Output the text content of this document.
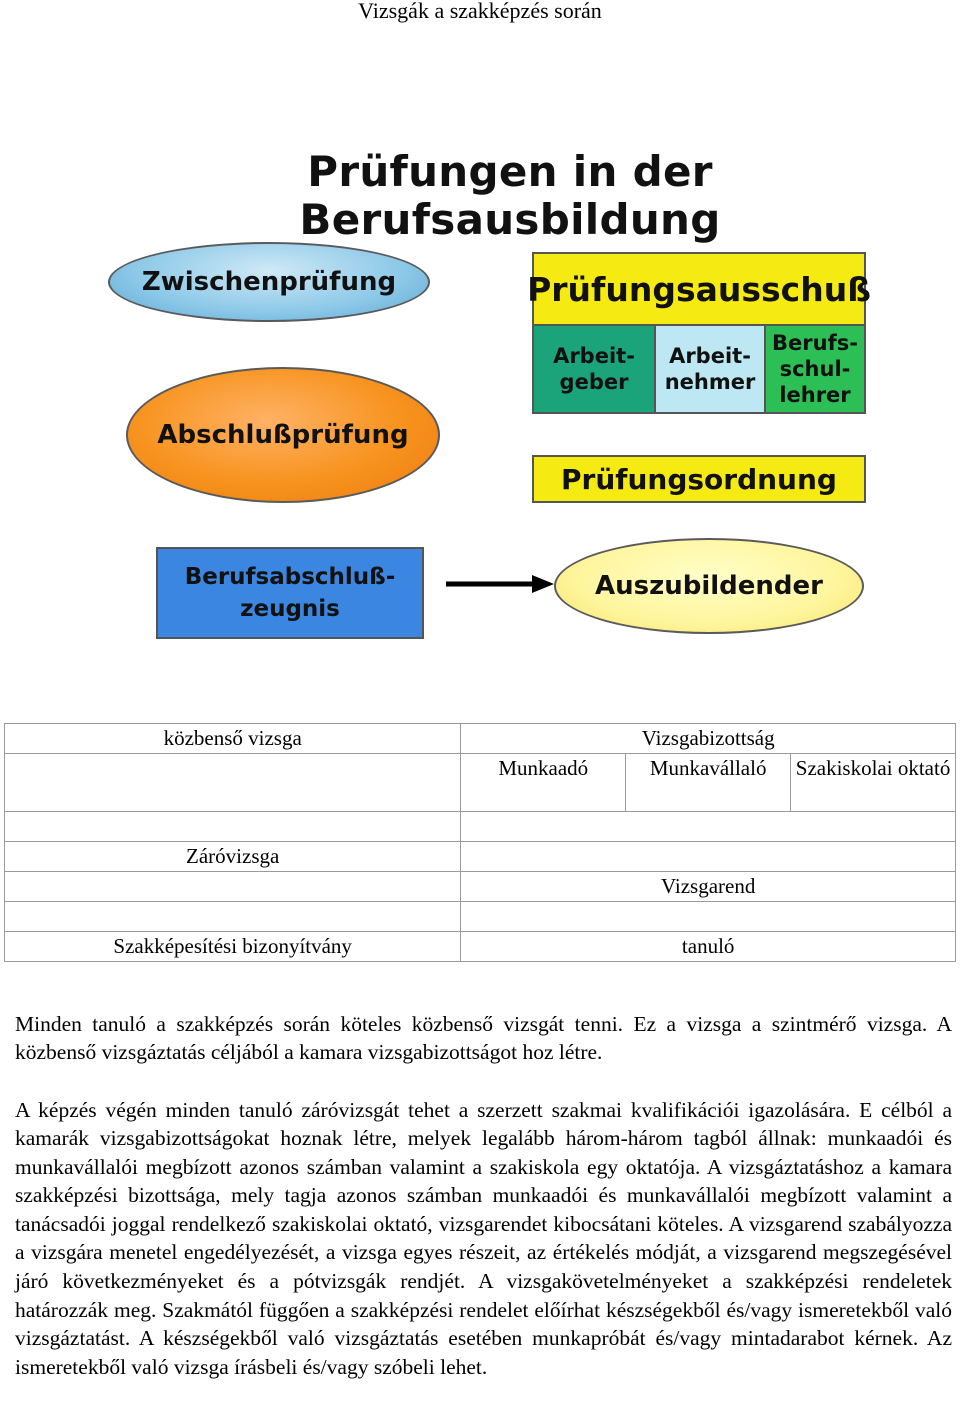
Vizsgák a szakképzés során
Prüfungen in der Berufsausbildung
Zwischenprüfung
Abschlußprüfung
Prüfungsausschuß
Arbeit-
geber
Arbeit-
nehmer
Berufs-
schul-
lehrer
Prüfungsordnung
Berufsabschluß-
zeugnis
Auszubildender
közbenső vizsga	Vizsgabizottság		
	Munkaadó	Munkavállaló	Szakiskolai oktató

Záróvizsga			
	Vizsgarend		

Szakképesítési bizonyítvány	tanuló		

Minden tanuló a szakképzés során köteles közbenső vizsgát tenni. Ez a vizsga a szintmérő vizsga. A közbenső vizsgáztatás céljából a kamara vizsgabizottságot hoz létre.

A képzés végén minden tanuló záróvizsgát tehet a szerzett szakmai kvalifikációi igazolására. E célból a kamarák vizsgabizottságokat hoznak létre, melyek legalább három-három tagból állnak: munkaadói és munkavállalói megbízott azonos számban valamint a szakiskola egy oktatója. A vizsgáztatáshoz a kamara szakképzési bizottsága, mely tagja azonos számban munkaadói és munkavállalói megbízott valamint a tanácsadói joggal rendelkező szakiskolai oktató, vizsgarendet kibocsátani köteles. A vizsgarend szabályozza a vizsgára menetel engedélyezését, a vizsga egyes részeit, az értékelés módját, a vizsgarend megszegésével járó következményeket és a pótvizsgák rendjét. A vizsgakövetelményeket a szakképzési rendeletek határozzák meg. Szakmától függően a szakképzési rendelet előírhat készségekből és/vagy ismeretekből való vizsgáztatást. A készségekből való vizsgáztatás esetében munkapróbát és/vagy mintadarabot kérnek. Az ismeretekből való vizsga írásbeli és/vagy szóbeli lehet.
